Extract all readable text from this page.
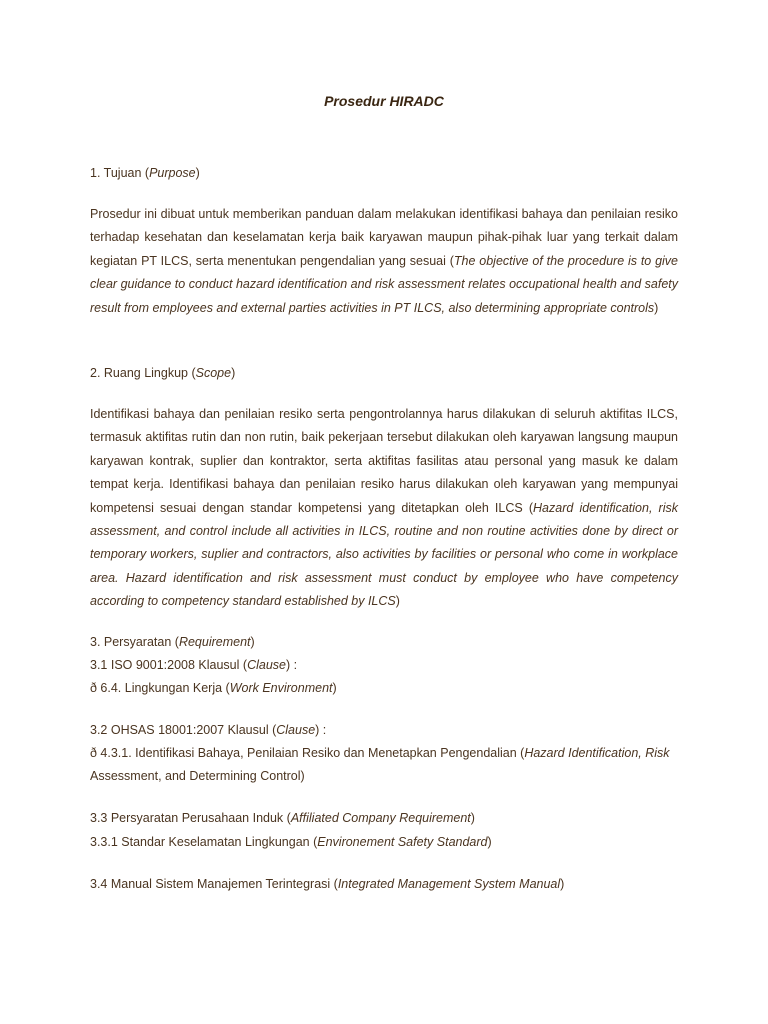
Prosedur HIRADC

1. Tujuan (Purpose)

Prosedur ini dibuat untuk memberikan panduan dalam melakukan identifikasi bahaya dan penilaian resiko terhadap kesehatan dan keselamatan kerja baik karyawan maupun pihak-pihak luar yang terkait dalam kegiatan PT ILCS, serta menentukan pengendalian yang sesuai (The objective of the procedure is to give clear guidance to conduct hazard identification and risk assessment relates occupational health and safety result from employees and external parties activities in PT ILCS, also determining appropriate controls)

2. Ruang Lingkup (Scope)

Identifikasi bahaya dan penilaian resiko serta pengontrolannya harus dilakukan di seluruh aktifitas ILCS, termasuk aktifitas rutin dan non rutin, baik pekerjaan tersebut dilakukan oleh karyawan langsung maupun karyawan kontrak, suplier dan kontraktor, serta aktifitas fasilitas atau personal yang masuk ke dalam tempat kerja. Identifikasi bahaya dan penilaian resiko harus dilakukan oleh karyawan yang mempunyai kompetensi sesuai dengan standar kompetensi yang ditetapkan oleh ILCS (Hazard identification, risk assessment, and control include all activities in ILCS, routine and non routine activities done by direct or temporary workers, suplier and contractors, also activities by facilities or personal who come in workplace area. Hazard identification and risk assessment must conduct by employee who have competency according to competency standard established by ILCS)

3. Persyaratan (Requirement)

3.1 ISO 9001:2008 Klausul (Clause) :

ð 6.4. Lingkungan Kerja (Work Environment)

3.2 OHSAS 18001:2007 Klausul (Clause) :

ð 4.3.1. Identifikasi Bahaya, Penilaian Resiko dan Menetapkan Pengendalian (Hazard Identification, Risk Assessment, and Determining Control)

3.3 Persyaratan Perusahaan Induk (Affiliated Company Requirement)

3.3.1 Standar Keselamatan Lingkungan (Environement Safety Standard)

3.4 Manual Sistem Manajemen Terintegrasi (Integrated Management System Manual)
